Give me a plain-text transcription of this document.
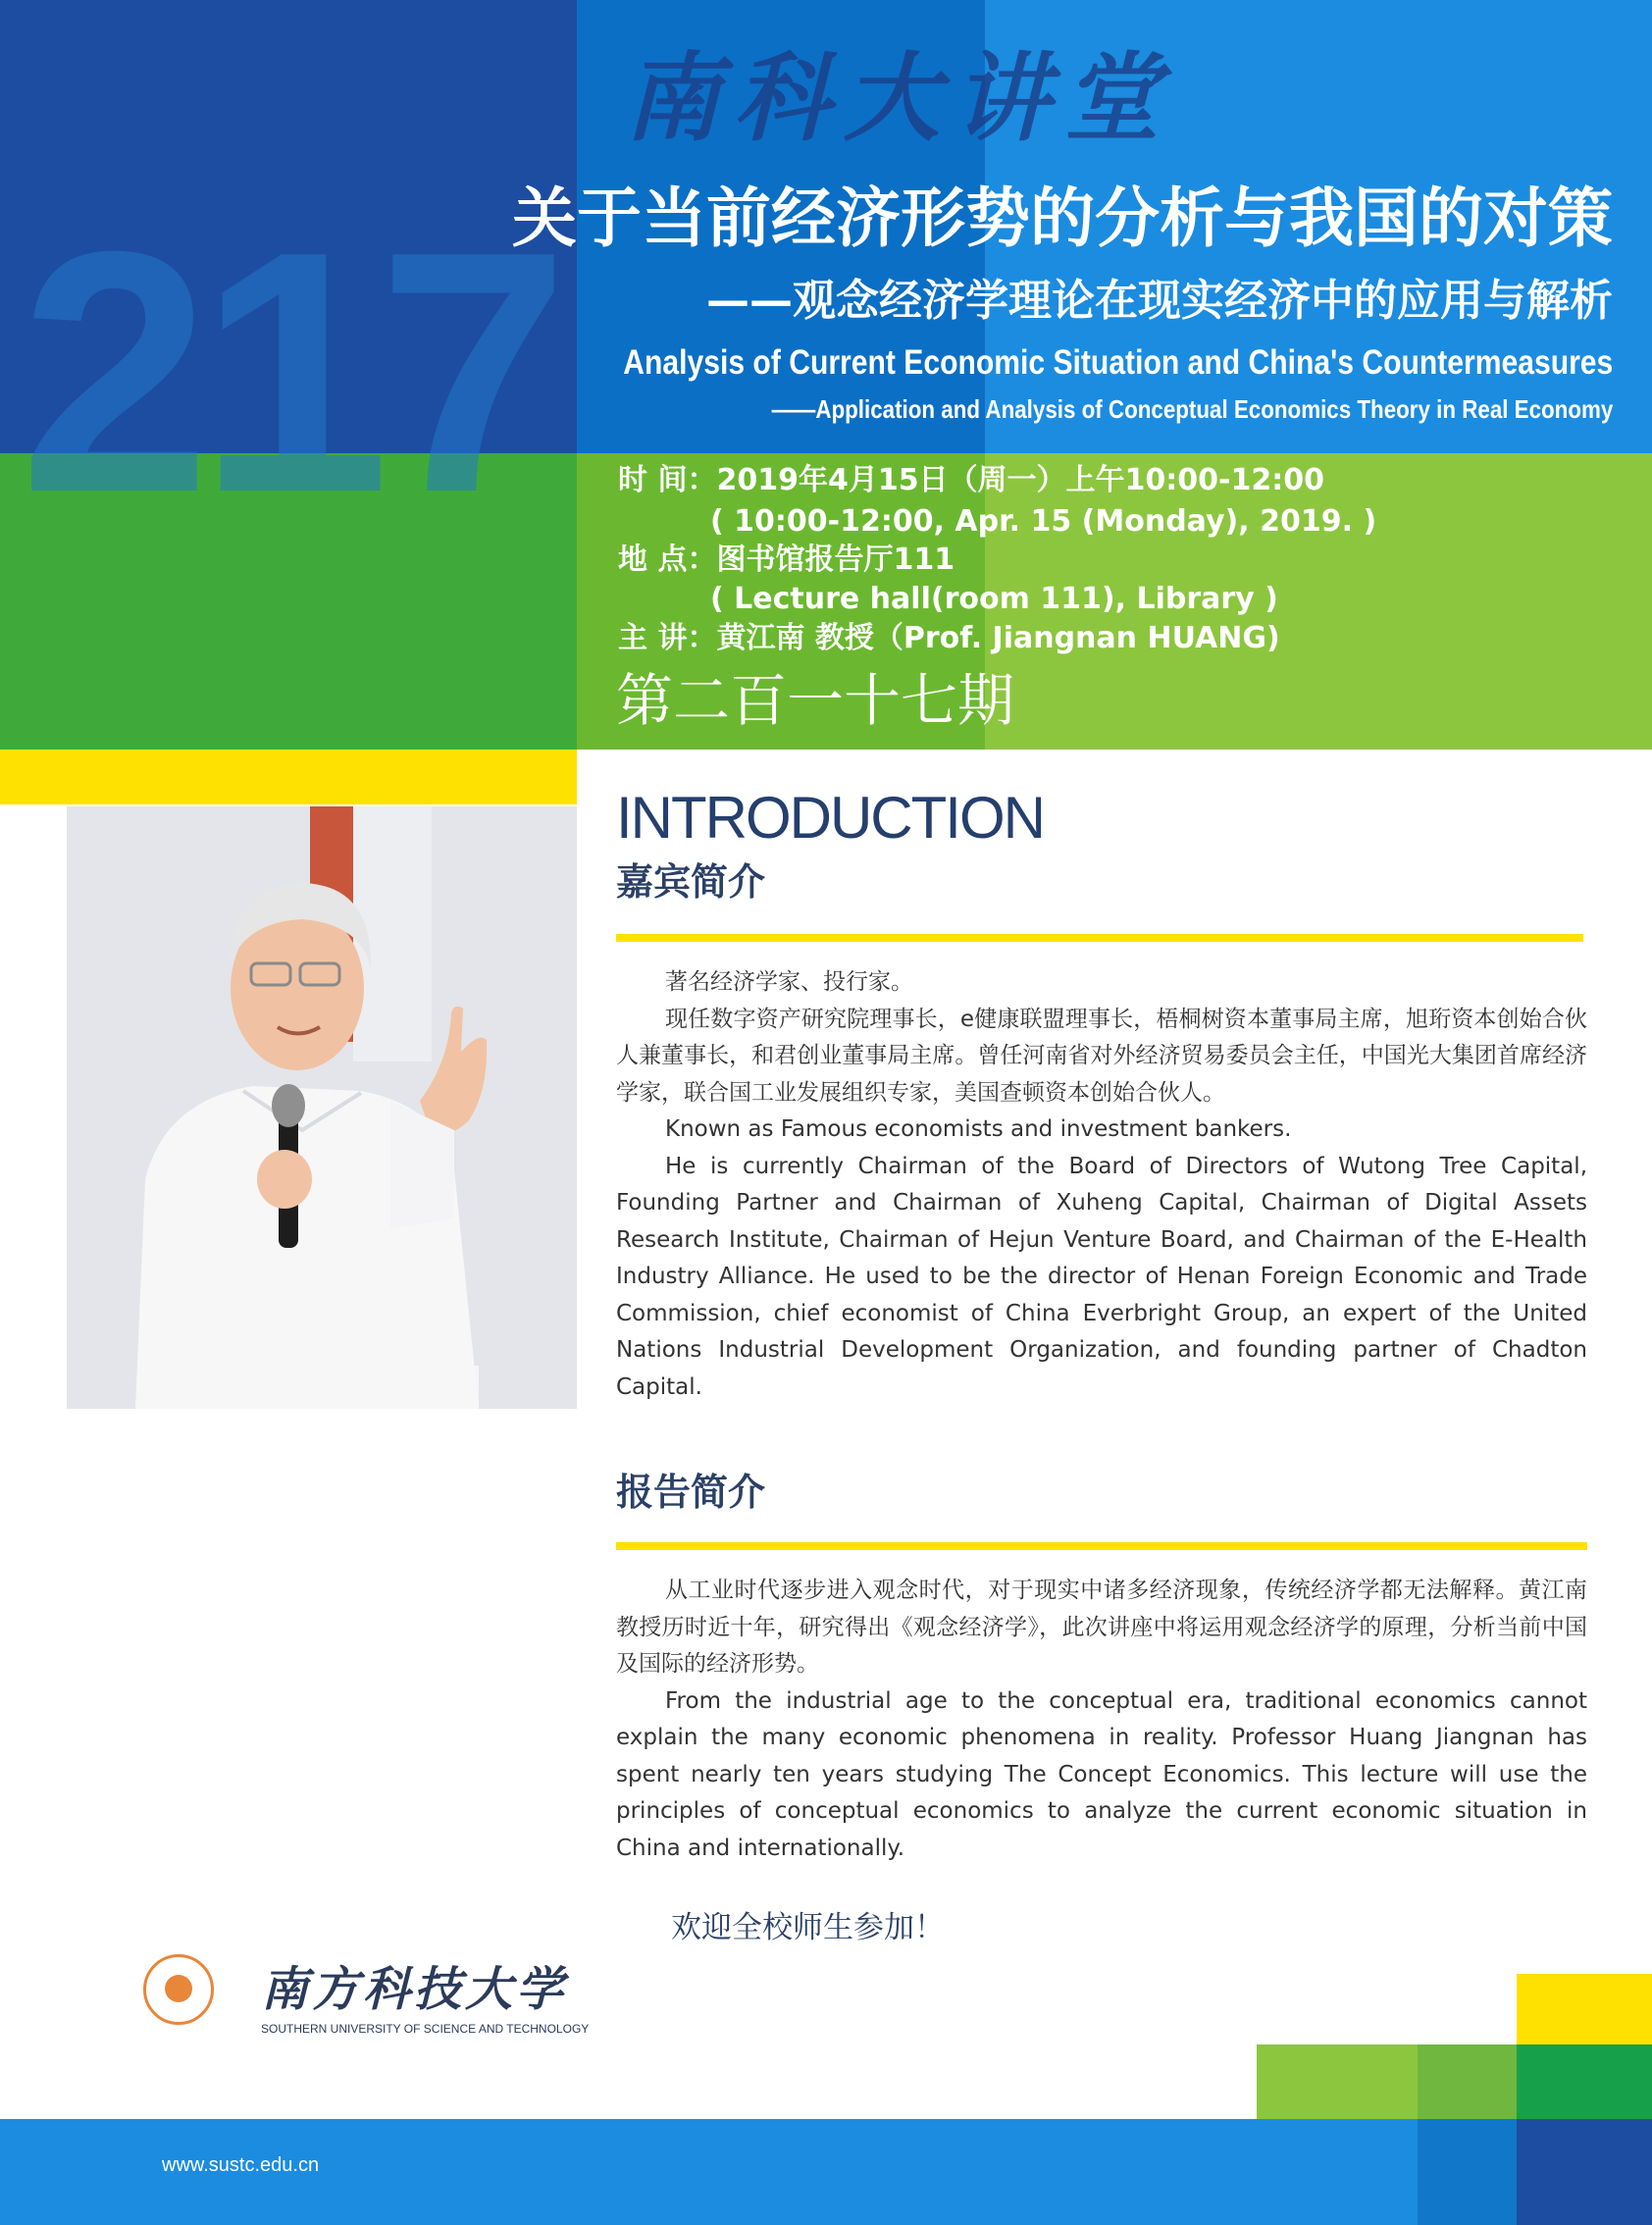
217
南科大讲堂
关于当前经济形势的分析与我国的对策
——观念经济学理论在现实经济中的应用与解析
Analysis of Current Economic Situation and China's Countermeasures
——Application and Analysis of Conceptual Economics Theory in Real Economy
时 间：2019年4月15日（周一）上午10:00-12:00
( 10:00-12:00, Apr. 15 (Monday), 2019. )
地 点：图书馆报告厅111
( Lecture hall(room 111), Library )
主 讲：黄江南 教授（Prof. Jiangnan HUANG)
第二百一十七期
INTRODUCTION
嘉宾简介

著名经济学家、投行家。

现任数字资产研究院理事长，e健康联盟理事长，梧桐树资本董事局主席，旭珩资本创始合伙人兼董事长，和君创业董事局主席。曾任河南省对外经济贸易委员会主任，中国光大集团首席经济学家，联合国工业发展组织专家，美国查顿资本创始合伙人。

Known as Famous economists and investment bankers.

He is currently Chairman of the Board of Directors of Wutong Tree Capital, Founding Partner and Chairman of Xuheng Capital, Chairman of Digital Assets Research Institute, Chairman of Hejun Venture Board, and Chairman of the E-Health Industry Alliance. He used to be the director of Henan Foreign Economic and Trade Commission, chief economist of China Everbright Group, an expert of the United Nations Industrial Development Organization, and founding partner of Chadton Capital.

报告简介

从工业时代逐步进入观念时代，对于现实中诸多经济现象，传统经济学都无法解释。黄江南教授历时近十年，研究得出《观念经济学》，此次讲座中将运用观念经济学的原理，分析当前中国及国际的经济形势。

From the industrial age to the conceptual era, traditional economics cannot explain the many economic phenomena in reality. Professor Huang Jiangnan has spent nearly ten years studying The Concept Economics. This lecture will use the principles of conceptual economics to analyze the current economic situation in China and internationally.

欢迎全校师生参加！
南方科技大学
SOUTHERN UNIVERSITY OF SCIENCE AND TECHNOLOGY
www.sustc.edu.cn
